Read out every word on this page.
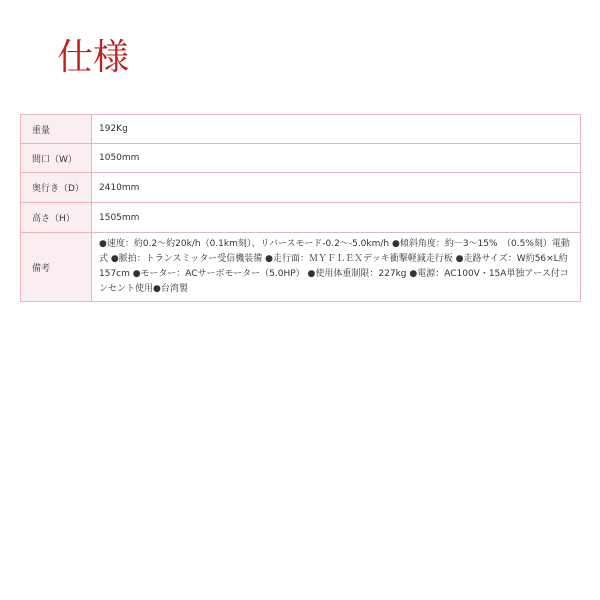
仕様
重量	192Kg
間口（W）	1050mm
奥行き（D）	2410mm
高さ（H）	1505mm
備考	●速度：約0.2～約20k/h（0.1km刻）、リバースモード-0.2～-5.0km/h ●傾斜角度：約－3～15%　（0.5%刻）電動式 ●脈拍：トランスミッター受信機装備 ●走行面：ＭＹＦＬＥＸデッキ衝撃軽減走行板 ●走路サイズ：W約56×L約157cm ●モーター：ACサーボモーター（5.0HP） ●使用体重制限：227kg ●電源：AC100V・15A単独アース付コンセント使用●台湾製
